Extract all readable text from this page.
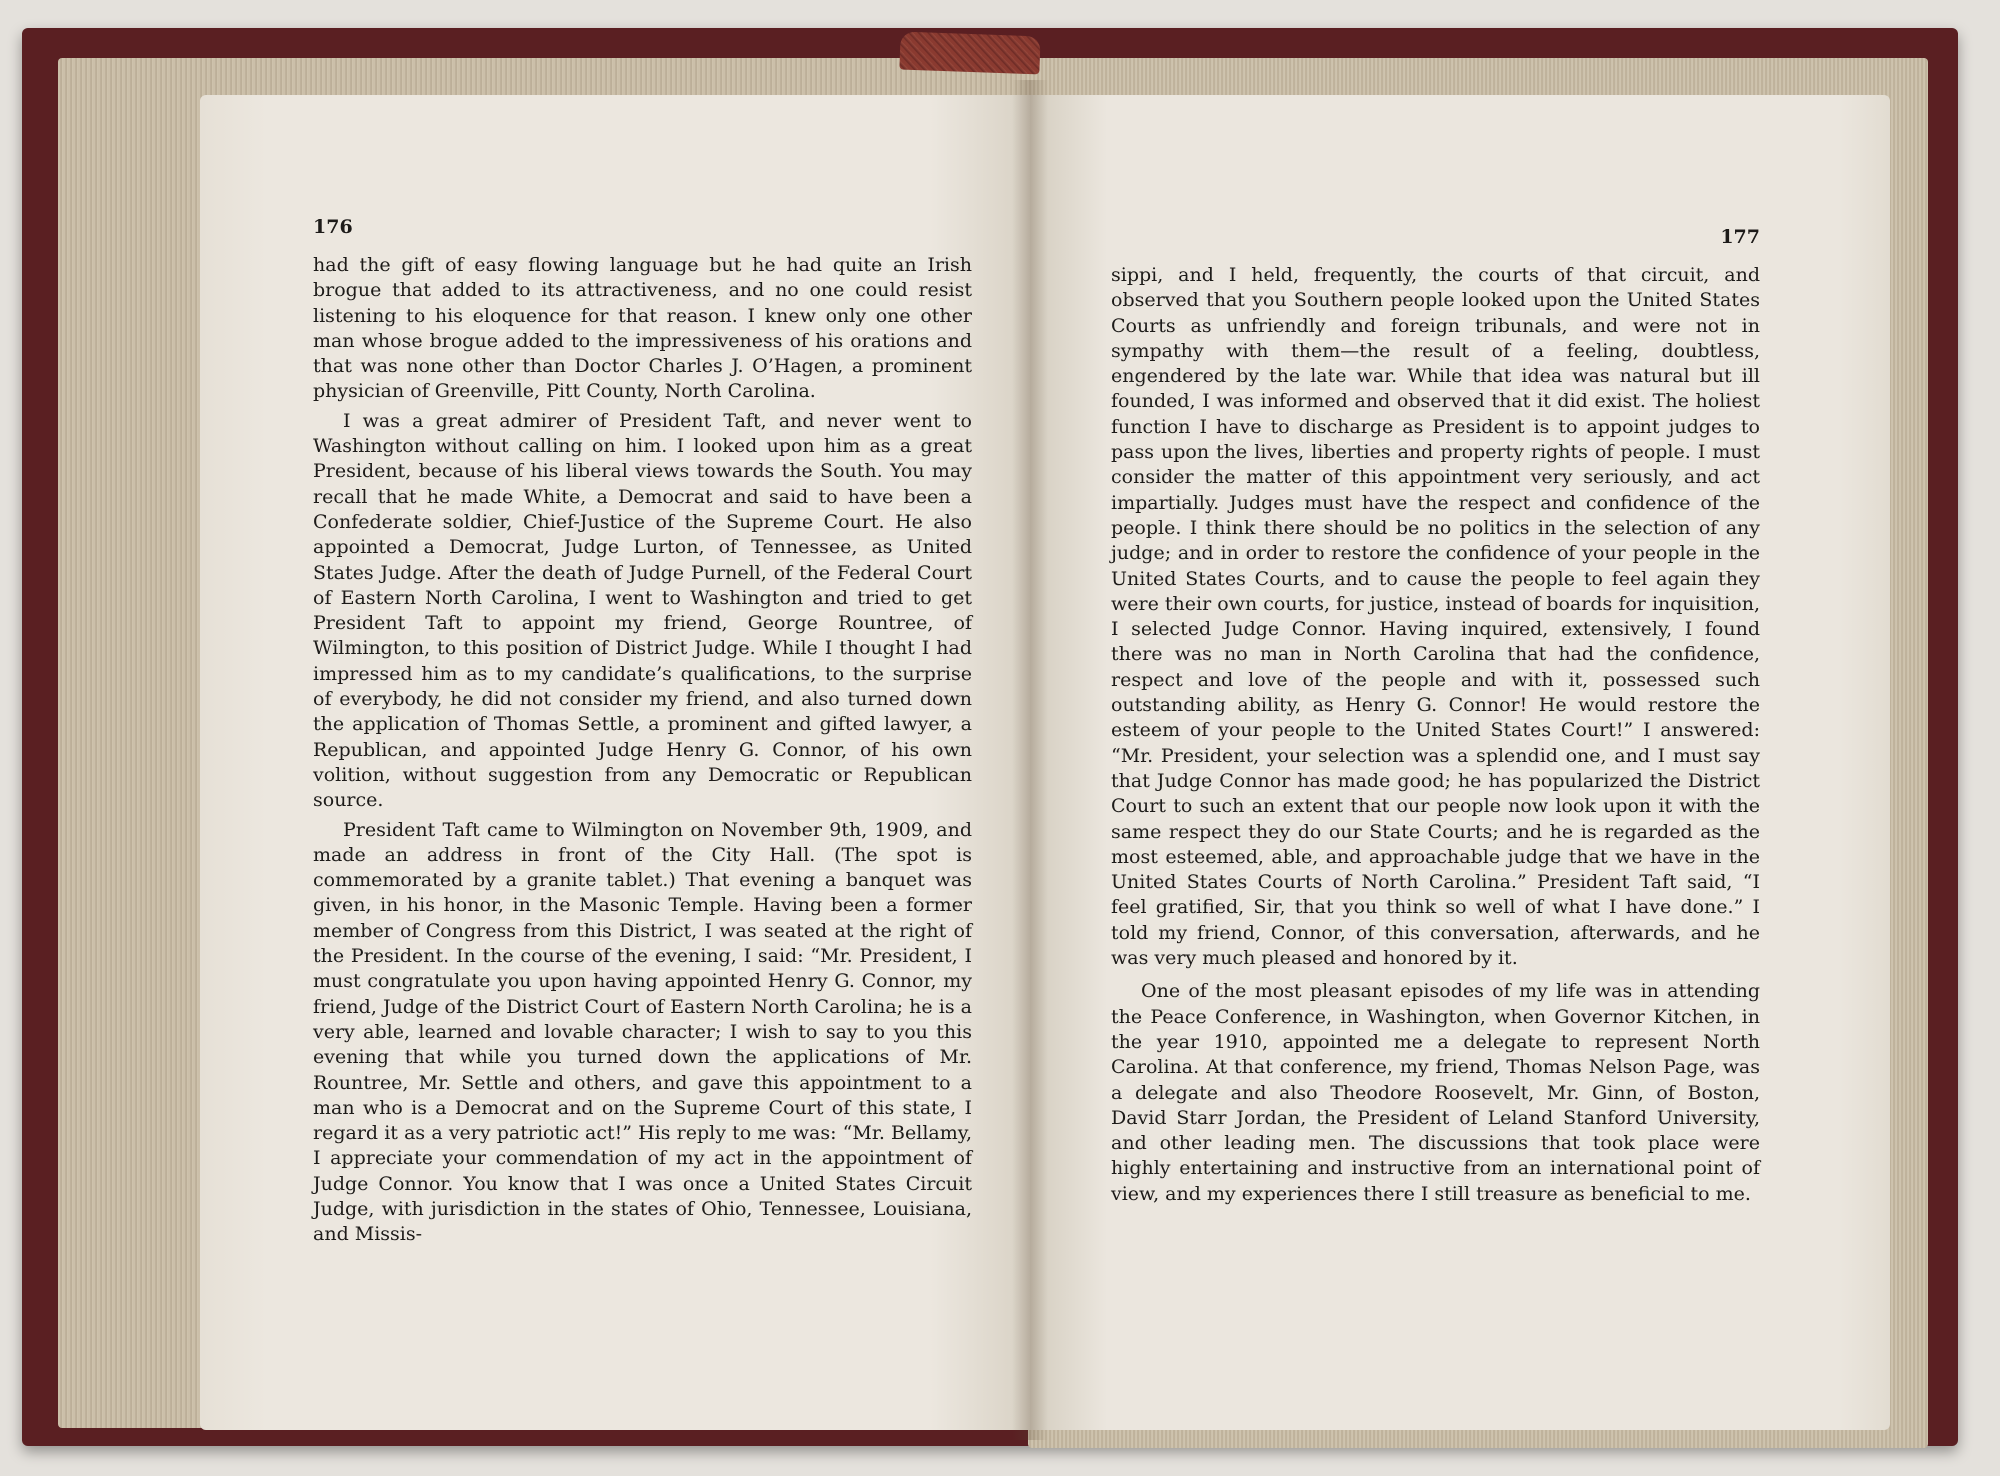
176

had the gift of easy flowing language but he had quite an Irish brogue that added to its attractiveness, and no one could resist listening to his eloquence for that reason. I knew only one other man whose brogue added to the impressiveness of his orations and that was none other than Doctor Charles J. O’Hagen, a prominent physician of Greenville, Pitt County, North Carolina.

I was a great admirer of President Taft, and never went to Washington without calling on him. I looked upon him as a great President, because of his liberal views towards the South. You may recall that he made White, a Democrat and said to have been a Confederate soldier, Chief-Justice of the Supreme Court. He also appointed a Democrat, Judge Lurton, of Tennessee, as United States Judge. After the death of Judge Purnell, of the Federal Court of Eastern North Carolina, I went to Washington and tried to get President Taft to appoint my friend, George Rountree, of Wilmington, to this position of District Judge. While I thought I had impressed him as to my candidate’s qualifications, to the surprise of everybody, he did not consider my friend, and also turned down the application of Thomas Settle, a prominent and gifted lawyer, a Republican, and appointed Judge Henry G. Connor, of his own volition, without suggestion from any Democratic or Republican source.

President Taft came to Wilmington on November 9th, 1909, and made an address in front of the City Hall. (The spot is commemorated by a granite tablet.) That evening a banquet was given, in his honor, in the Masonic Temple. Having been a former member of Congress from this District, I was seated at the right of the President. In the course of the evening, I said: “Mr. President, I must congratulate you upon having appointed Henry G. Connor, my friend, Judge of the District Court of Eastern North Carolina; he is a very able, learned and lovable character; I wish to say to you this evening that while you turned down the applications of Mr. Rountree, Mr. Settle and others, and gave this appointment to a man who is a Democrat and on the Supreme Court of this state, I regard it as a very patriotic act!” His reply to me was: “Mr. Bellamy, I appreciate your commendation of my act in the appointment of Judge Connor. You know that I was once a United States Circuit Judge, with jurisdiction in the states of Ohio, Tennessee, Louisiana, and Missis-

177

sippi, and I held, frequently, the courts of that circuit, and observed that you Southern people looked upon the United States Courts as unfriendly and foreign tribunals, and were not in sympathy with them—the result of a feeling, doubtless, engendered by the late war. While that idea was natural but ill founded, I was informed and observed that it did exist. The holiest function I have to discharge as President is to appoint judges to pass upon the lives, liberties and property rights of people. I must consider the matter of this appointment very seriously, and act impartially. Judges must have the respect and confidence of the people. I think there should be no politics in the selection of any judge; and in order to restore the confidence of your people in the United States Courts, and to cause the people to feel again they were their own courts, for justice, instead of boards for inquisition, I selected Judge Connor. Having inquired, extensively, I found there was no man in North Carolina that had the confidence, respect and love of the people and with it, possessed such outstanding ability, as Henry G. Connor! He would restore the esteem of your people to the United States Court!” I answered: “Mr. President, your selection was a splendid one, and I must say that Judge Connor has made good; he has popularized the District Court to such an extent that our people now look upon it with the same respect they do our State Courts; and he is regarded as the most esteemed, able, and approachable judge that we have in the United States Courts of North Carolina.” President Taft said, “I feel gratified, Sir, that you think so well of what I have done.” I told my friend, Connor, of this conversation, afterwards, and he was very much pleased and honored by it.

One of the most pleasant episodes of my life was in attending the Peace Conference, in Washington, when Governor Kitchen, in the year 1910, appointed me a delegate to represent North Carolina. At that conference, my friend, Thomas Nelson Page, was a delegate and also Theodore Roosevelt, Mr. Ginn, of Boston, David Starr Jordan, the President of Leland Stanford University, and other leading men. The discussions that took place were highly entertaining and instructive from an international point of view, and my experiences there I still treasure as beneficial to me.
